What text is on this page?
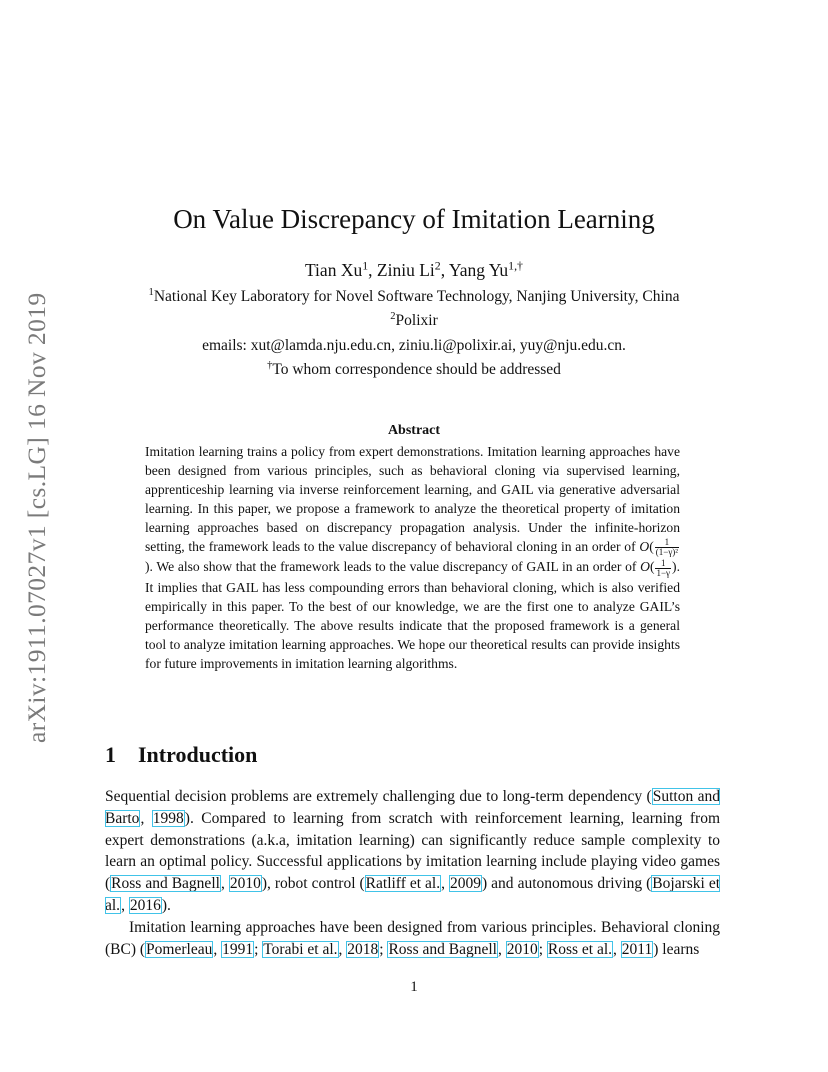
arXiv:1911.07027v1 [cs.LG] 16 Nov 2019
On Value Discrepancy of Imitation Learning
Tian Xu$^1$, Ziniu Li$^2$, Yang $Yu^{1,\dagger}$
$^1$National Key Laboratory for Novel Software Technology, Nanjing University, China
$^2$Polixir
emails: xut@lamda.nju.edu.cn, ziniu.li@polixir.ai, yuy@nju.edu.cn.
†To whom correspondence should be addressed
Abstract

Imitation learning trains a policy from expert demonstrations. Imitation learning approaches have been designed from various principles, such as behavioral cloning via supervised learning, apprenticeship learning via inverse reinforcement learning, and GAIL via generative adversarial learning. In this paper, we propose a framework to analyze the theoretical property of imitation learning approaches based on discrepancy propagation analysis. Under the infinite-horizon setting, the framework leads to the value discrepancy of behavioral cloning in an order of $O( \frac{1}{\text{(1−γ)²}}$
). We also show that the framework leads to the value discrepancy of GAIL in an order of $O( \frac{1}{1-\gamma}$ ). It implies that GAIL has less compounding errors than behavioral cloning, which is also verified empirically in this paper. To the best of our knowledge, we are the first one to analyze GAIL’s performance theoretically. The above results indicate that the proposed framework is a general tool to analyze imitation learning approaches. We hope our theoretical results can provide insights for future improvements in imitation learning algorithms.

1 Introduction

Sequential decision problems are extremely challenging due to long-term dependency (Sutton and Barto, 1998). Compared to learning from scratch with reinforcement learning, learning from expert demonstrations (a.k.a, imitation learning) can significantly reduce sample complexity to learn an optimal policy. Successful applications by imitation learning include playing video games (Ross and Bagnell, 2010), robot control (Ratliff et al., 2009) and autonomous driving (Bojarski et al., 2016).

Imitation learning approaches have been designed from various principles. Behavioral cloning (BC) (Pomerleau, 1991; Torabi et al., 2018; Ross and Bagnell, 2010; Ross et al., 2011) learns

1
